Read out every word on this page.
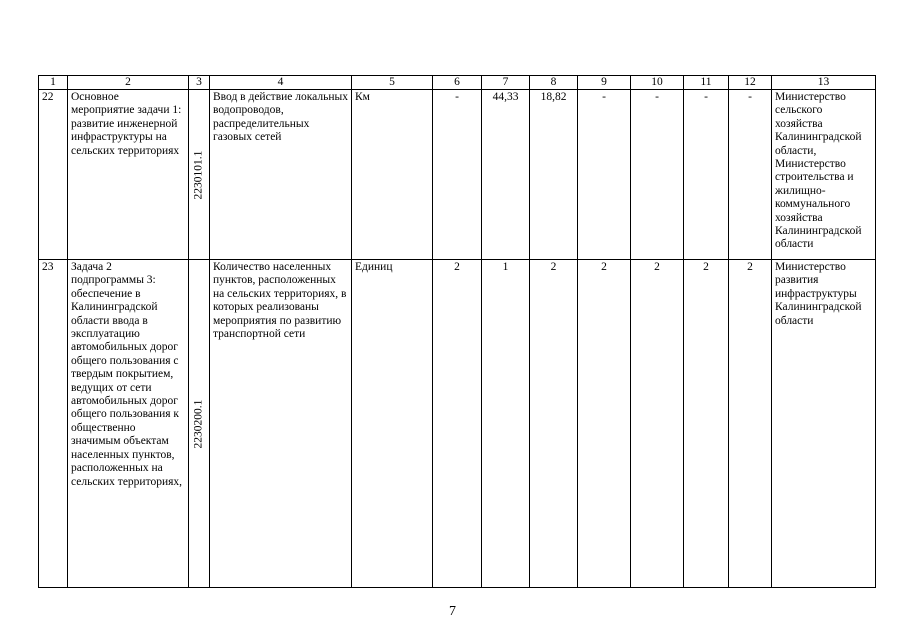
1	2	3	4	5	6	7	8	9	10	11	12	13
22	Основное мероприятие задачи 1: развитие инженерной инфраструктуры на сельских территориях	2230101.1	Ввод в действие локальных водопроводов, распределительных газовых сетей	Км	-	44,33	18,82	-	-	-	-	Министерство сельского хозяйства Калининградской области, Министерство строительства и жилищно-коммунального хозяйства Калининградской области
23	Задача 2 подпрограммы 3: обеспечение в Калининградской области ввода в эксплуатацию автомобильных дорог общего пользования с твердым покрытием, ведущих от сети автомобильных дорог общего пользования к общественно значимым объектам населенных пунктов, расположенных на сельских территориях,	2230200.1	Количество населенных пунктов, расположенных на сельских территориях, в которых реализованы мероприятия по развитию транспортной сети	Единиц	2	1	2	2	2	2	2	Министерство развития инфраструктуры Калининградской области
7
